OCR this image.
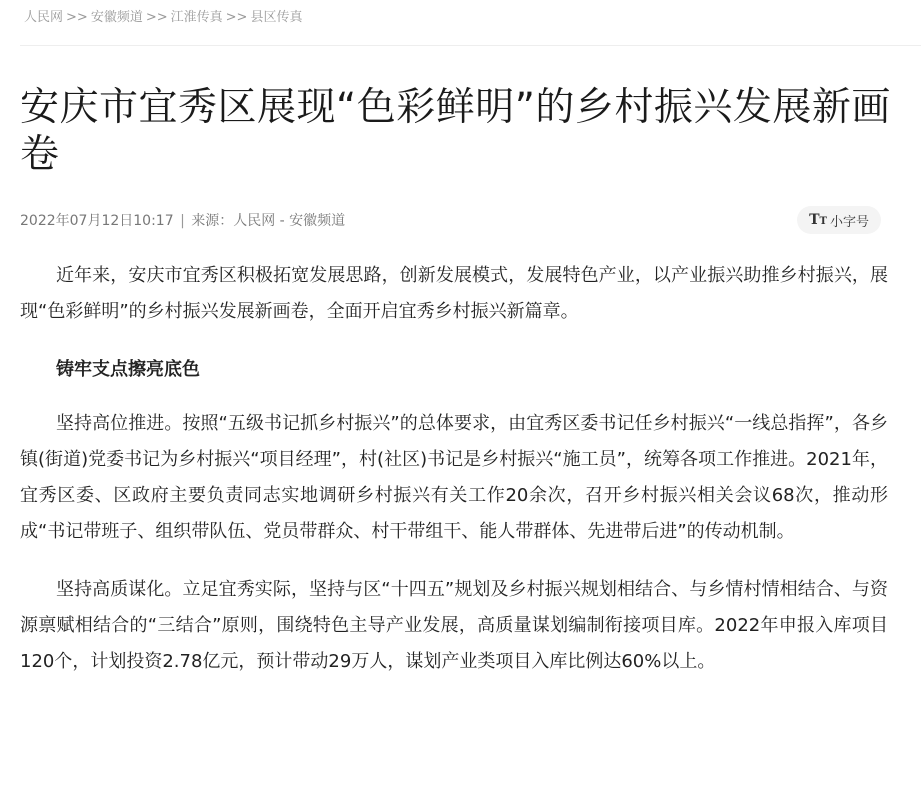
人民网 >> 安徽频道 >> 江淮传真 >> 县区传真
安庆市宜秀区展现“色彩鲜明”的乡村振兴发展新画卷
2022年07月12日10:17 | 来源：人民网 - 安徽频道	TT 小字号

近年来，安庆市宜秀区积极拓宽发展思路，创新发展模式，发展特色产业，以产业振兴助推乡村振兴，展现“色彩鲜明”的乡村振兴发展新画卷，全面开启宜秀乡村振兴新篇章。

铸牢支点擦亮底色

坚持高位推进。按照“五级书记抓乡村振兴”的总体要求，由宜秀区委书记任乡村振兴“一线总指挥”，各乡镇(街道)党委书记为乡村振兴“项目经理”，村(社区)书记是乡村振兴“施工员”，统筹各项工作推进。2021年，宜秀区委、区政府主要负责同志实地调研乡村振兴有关工作20余次，召开乡村振兴相关会议68次，推动形成“书记带班子、组织带队伍、党员带群众、村干带组干、能人带群体、先进带后进”的传动机制。

坚持高质谋化。立足宜秀实际，坚持与区“十四五”规划及乡村振兴规划相结合、与乡情村情相结合、与资源禀赋相结合的“三结合”原则，围绕特色主导产业发展，高质量谋划编制衔接项目库。2022年申报入库项目120个，计划投资2.78亿元，预计带动29万人，谋划产业类项目入库比例达60%以上。
